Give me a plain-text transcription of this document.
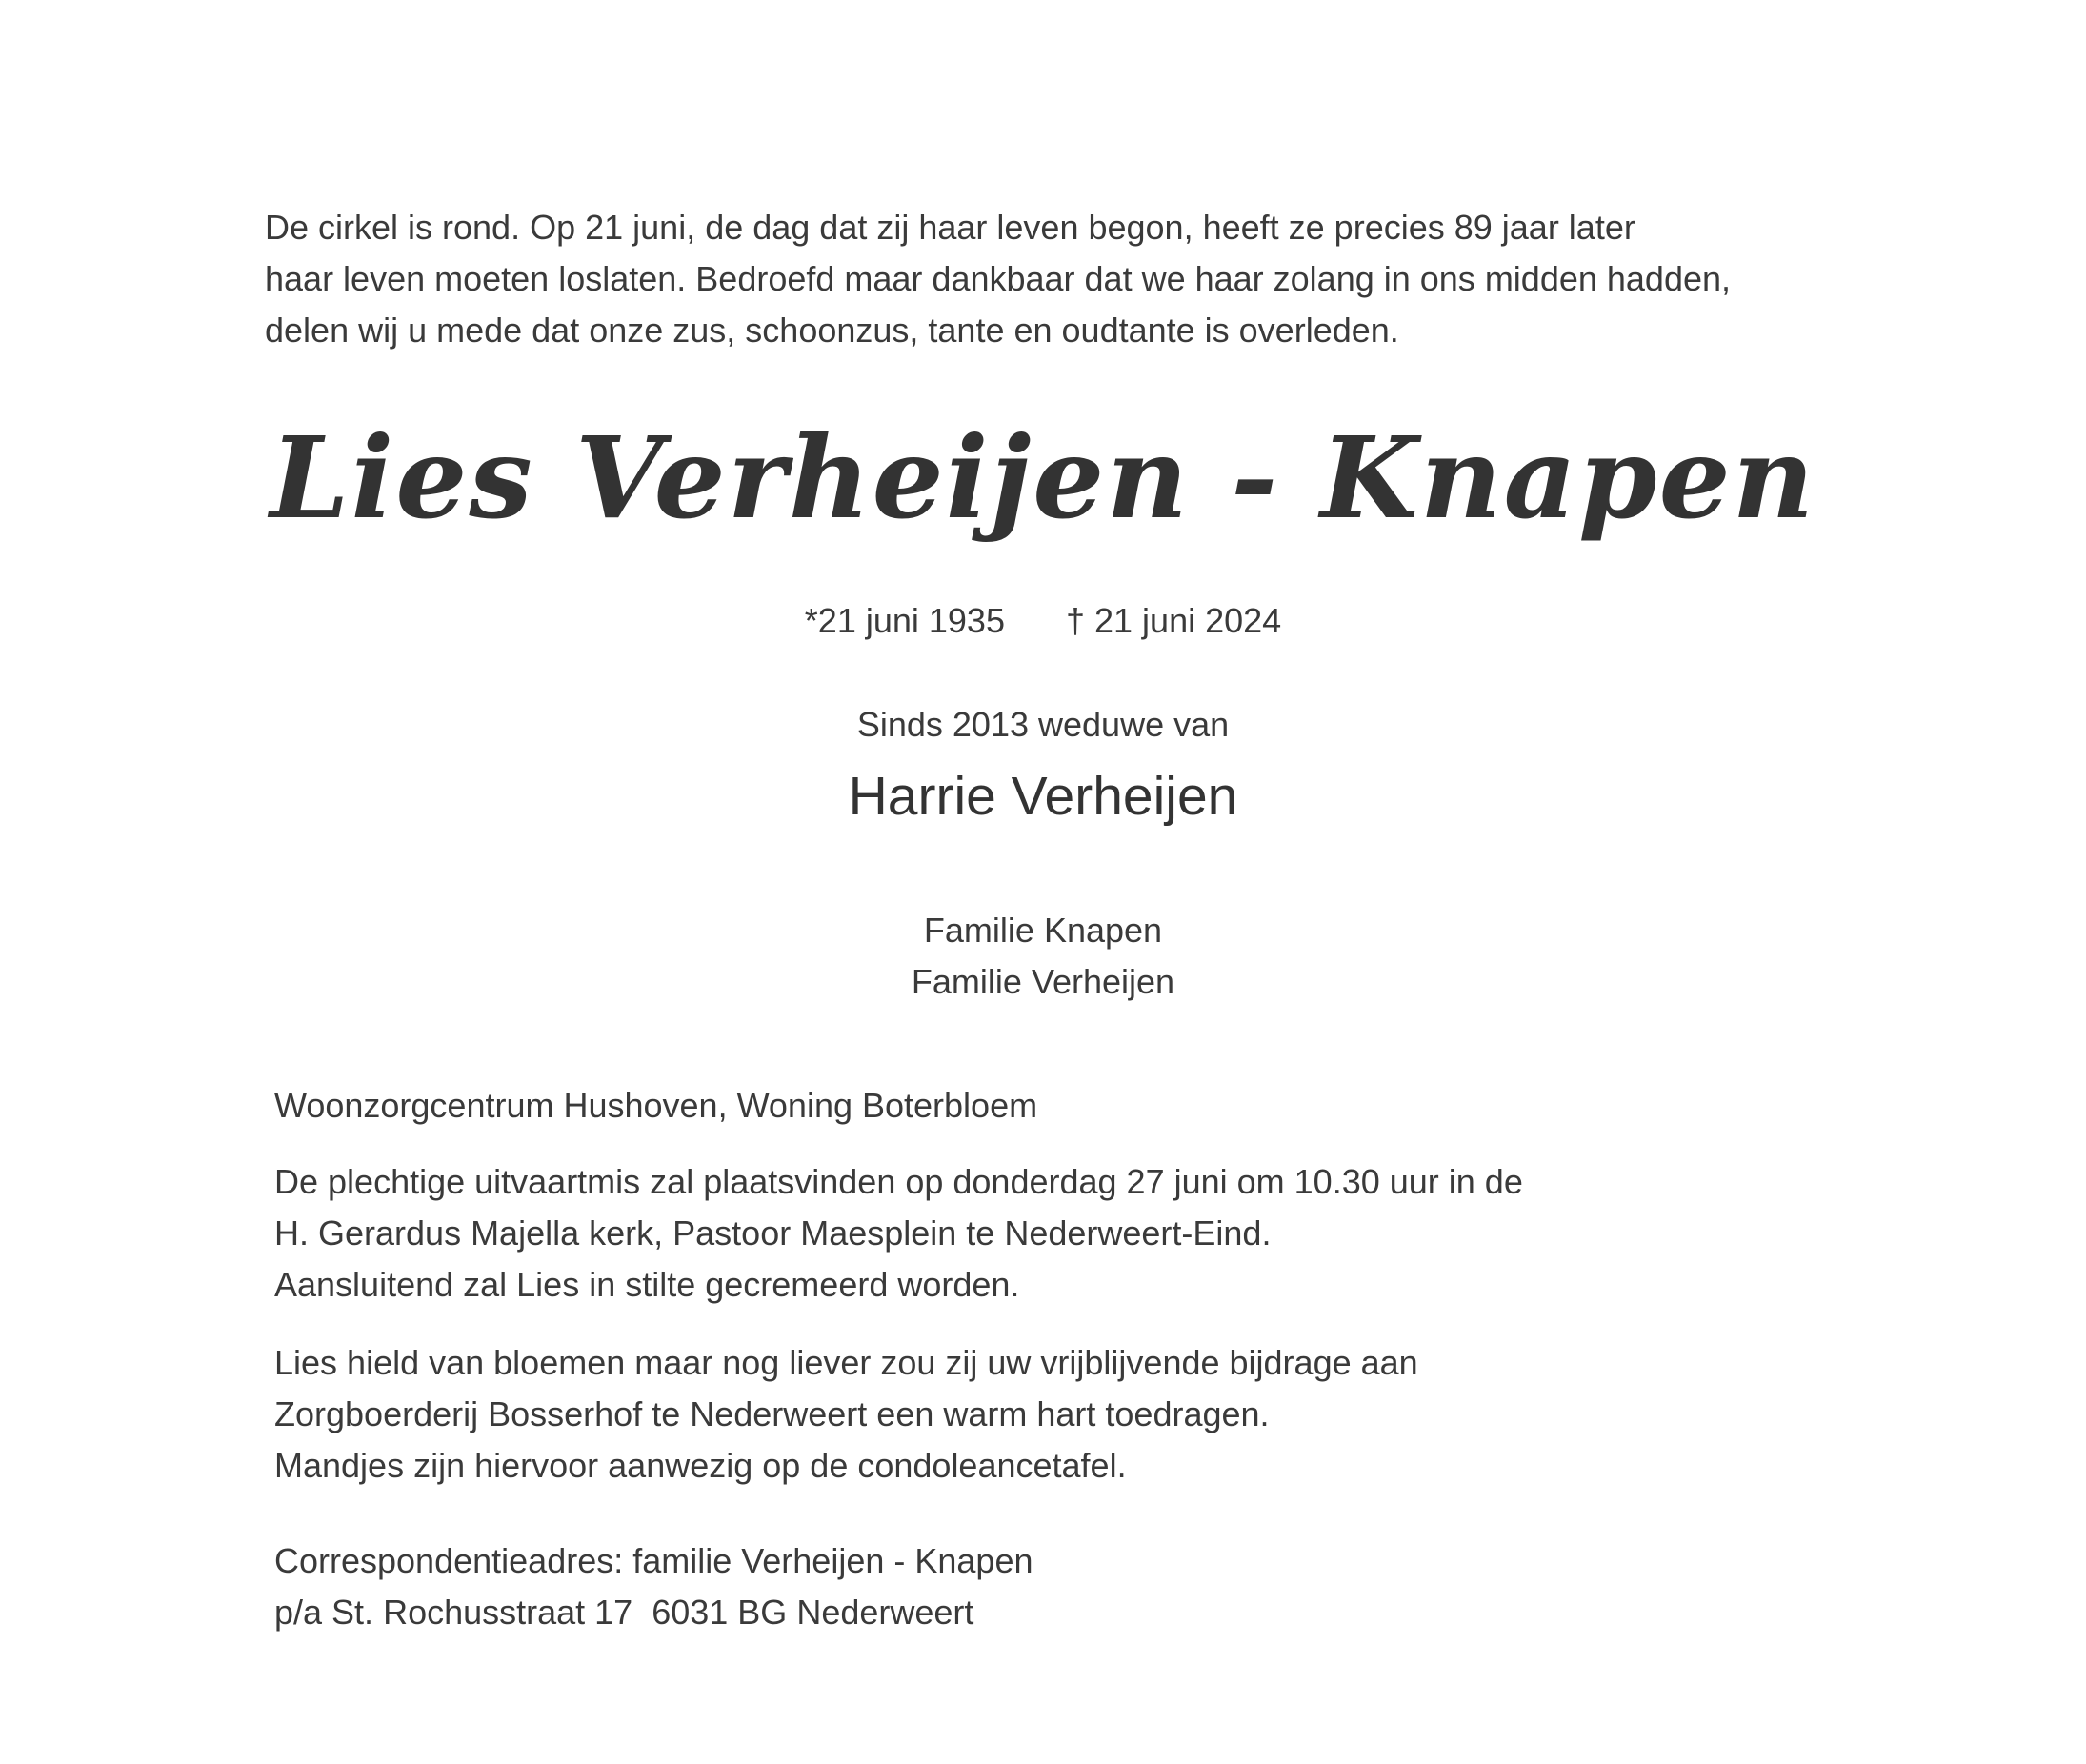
De cirkel is rond. Op 21 juni, de dag dat zij haar leven begon, heeft ze precies 89 jaar later
haar leven moeten loslaten. Bedroefd maar dankbaar dat we haar zolang in ons midden hadden,
delen wij u mede dat onze zus, schoonzus, tante en oudtante is overleden.

Lies Verheijen - Knapen
*21 juni 1935 † 21 juni 2024
Sinds 2013 weduwe van
Harrie Verheijen
Familie Knapen
Familie Verheijen

Woonzorgcentrum Hushoven, Woning Boterbloem

De plechtige uitvaartmis zal plaatsvinden op donderdag 27 juni om 10.30 uur in de
H. Gerardus Majella kerk, Pastoor Maesplein te Nederweert-Eind.
Aansluitend zal Lies in stilte gecremeerd worden.

Lies hield van bloemen maar nog liever zou zij uw vrijblijvende bijdrage aan
Zorgboerderij Bosserhof te Nederweert een warm hart toedragen.
Mandjes zijn hiervoor aanwezig op de condoleancetafel.

Correspondentieadres: familie Verheijen - Knapen
p/a St. Rochusstraat 17  6031 BG Nederweert
